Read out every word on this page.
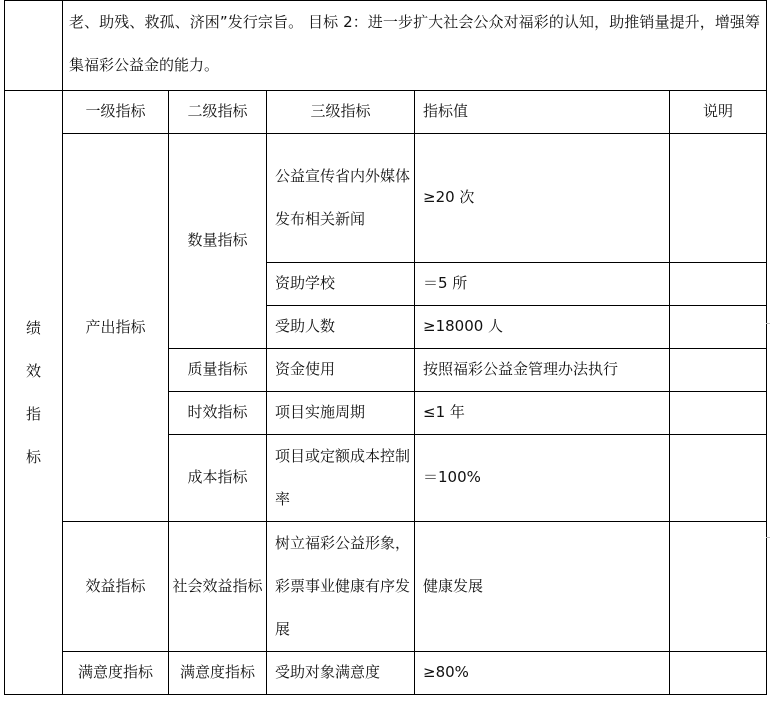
	老、助残、救孤、济困”发行宗旨。 目标 2：进一步扩大社会公众对福彩的认知，助推销量提升，增强筹集福彩公益金的能力。				

绩
效
指
标	一级指标	二级指标	三级指标	指标值	说明
	产出指标	数量指标	公益宣传省内外媒体发布相关新闻	≥20 次	
			资助学校	＝5 所	
			受助人数	≥18000 人	
		质量指标	资金使用	按照福彩公益金管理办法执行	
		时效指标	项目实施周期	≤1 年	
		成本指标	项目或定额成本控制率	＝100%	
	效益指标	社会效益指标	树立福彩公益形象，彩票事业健康有序发展	健康发展	
	满意度指标	满意度指标	受助对象满意度	≥80%	
